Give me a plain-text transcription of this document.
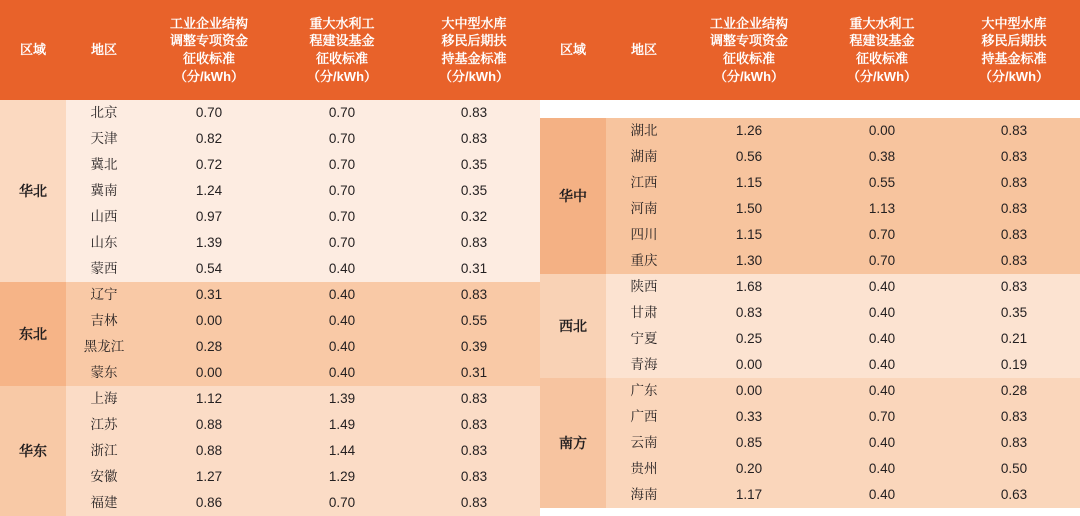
区域	地区	工业企业结构
调整专项资金
征收标准
（分/kWh）	重大水利工
程建设基金
征收标准
（分/kWh）	大中型水库
移民后期扶
持基金标准
（分/kWh）

华北	北京	0.70	0.70	0.83
	天津	0.82	0.70	0.83
	冀北	0.72	0.70	0.35
	冀南	1.24	0.70	0.35
	山西	0.97	0.70	0.32
	山东	1.39	0.70	0.83
	蒙西	0.54	0.40	0.31
东北	辽宁	0.31	0.40	0.83
	吉林	0.00	0.40	0.55
	黑龙江	0.28	0.40	0.39
	蒙东	0.00	0.40	0.31
华东	上海	1.12	1.39	0.83
	江苏	0.88	1.49	0.83
	浙江	0.88	1.44	0.83
	安徽	1.27	1.29	0.83
	福建	0.86	0.70	0.83
区域	地区	工业企业结构
调整专项资金
征收标准
（分/kWh）	重大水利工
程建设基金
征收标准
（分/kWh）	大中型水库
移民后期扶
持基金标准
（分/kWh）

华中	湖北	1.26	0.00	0.83
	湖南	0.56	0.38	0.83
	江西	1.15	0.55	0.83
	河南	1.50	1.13	0.83
	四川	1.15	0.70	0.83
	重庆	1.30	0.70	0.83
西北	陕西	1.68	0.40	0.83
	甘肃	0.83	0.40	0.35
	宁夏	0.25	0.40	0.21
	青海	0.00	0.40	0.19
南方	广东	0.00	0.40	0.28
	广西	0.33	0.70	0.83
	云南	0.85	0.40	0.83
	贵州	0.20	0.40	0.50
	海南	1.17	0.40	0.63
